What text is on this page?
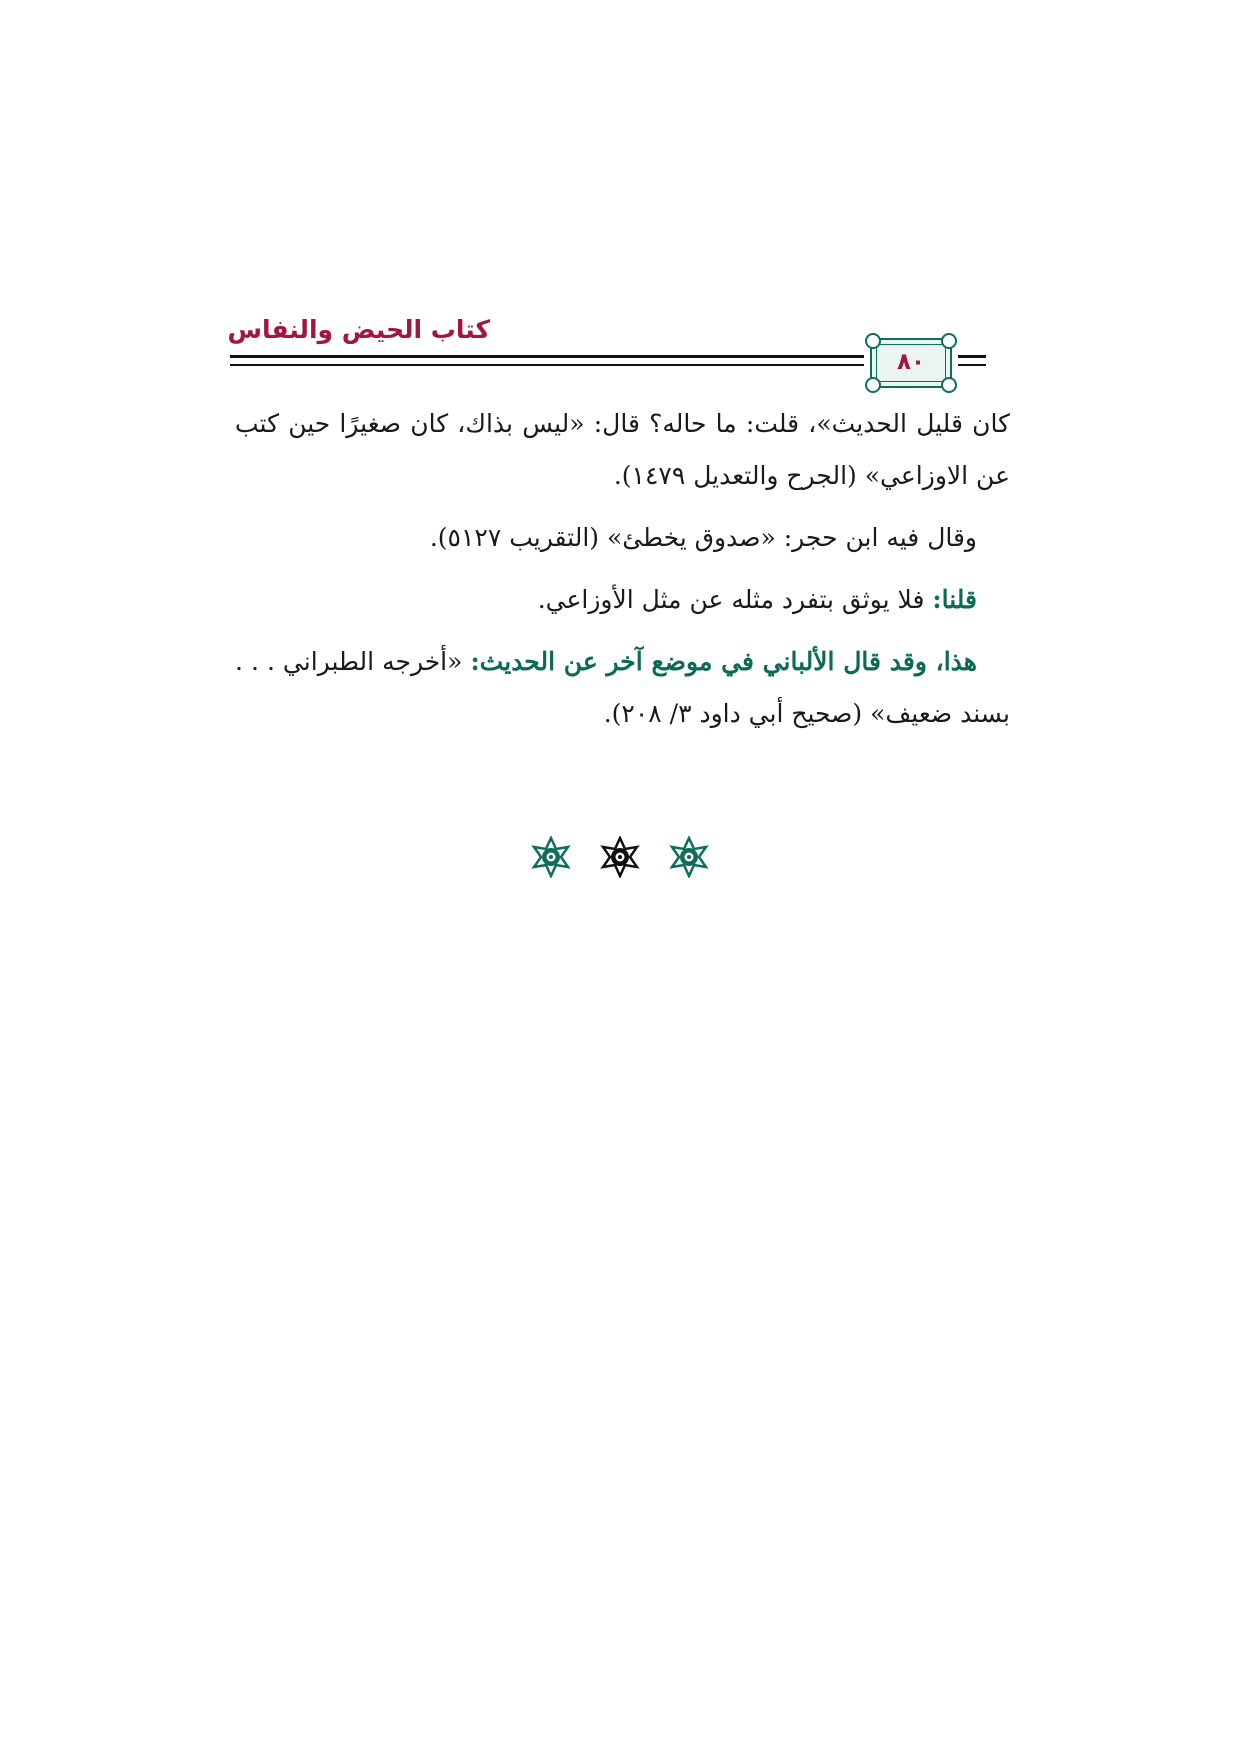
كتاب الحيض والنفاس
٨٠

كان قليل الحديث»، قلت: ما حاله؟ قال: «ليس بذاك، كان صغيرًا حين كتب عن الاوزاعي» (الجرح والتعديل ١٤٧٩).

وقال فيه ابن حجر: «صدوق يخطئ» (التقريب ٥١٢٧).

قلنا: فلا يوثق بتفرد مثله عن مثل الأوزاعي.

هذا، وقد قال الألباني في موضع آخر عن الحديث: «أخرجه الطبراني . . . بسند ضعيف» (صحيح أبي داود ٣/ ٢٠٨).
